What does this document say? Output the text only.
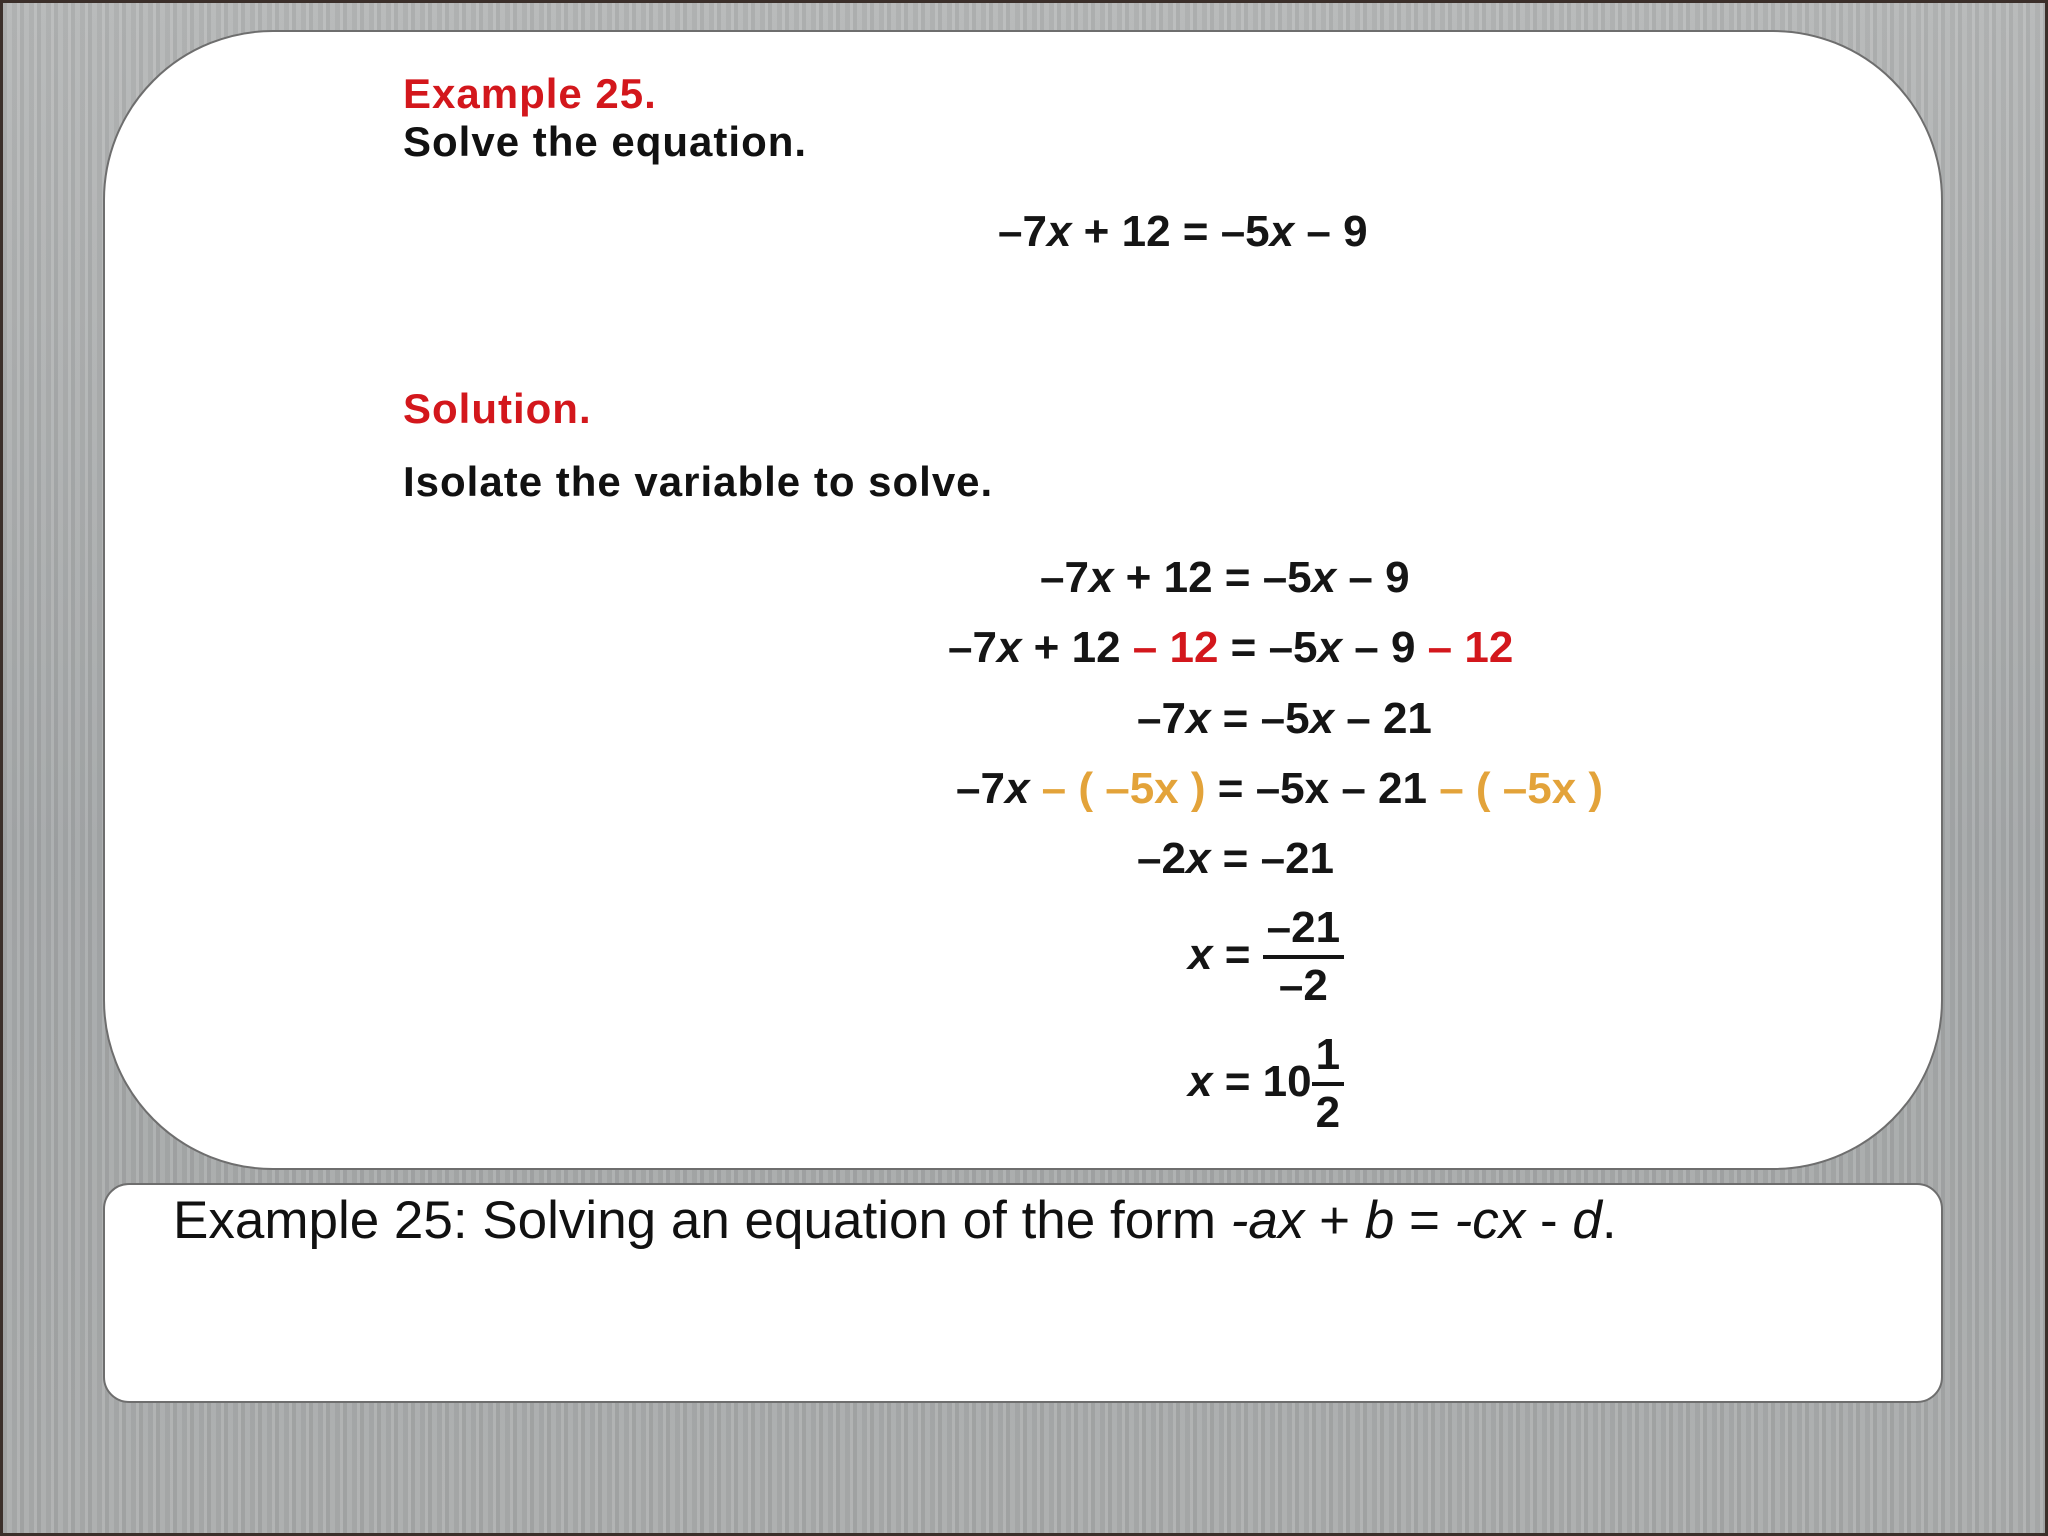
Example 25.
Solve the equation.
–7x + 12 = –5x – 9
Solution.
Isolate the variable to solve.
–7x + 12 = –5x – 9
–7x + 12 – 12 = –5x – 9 – 12
–7x = –5x – 21
–7x – ( –5x ) = –5x – 21 – ( –5x )
–2x = –21
$x = \frac{-21}{-2}$
$x = 10 \frac{1}{2}$
Example 25: Solving an equation of the form -ax + b = -cx - d.
